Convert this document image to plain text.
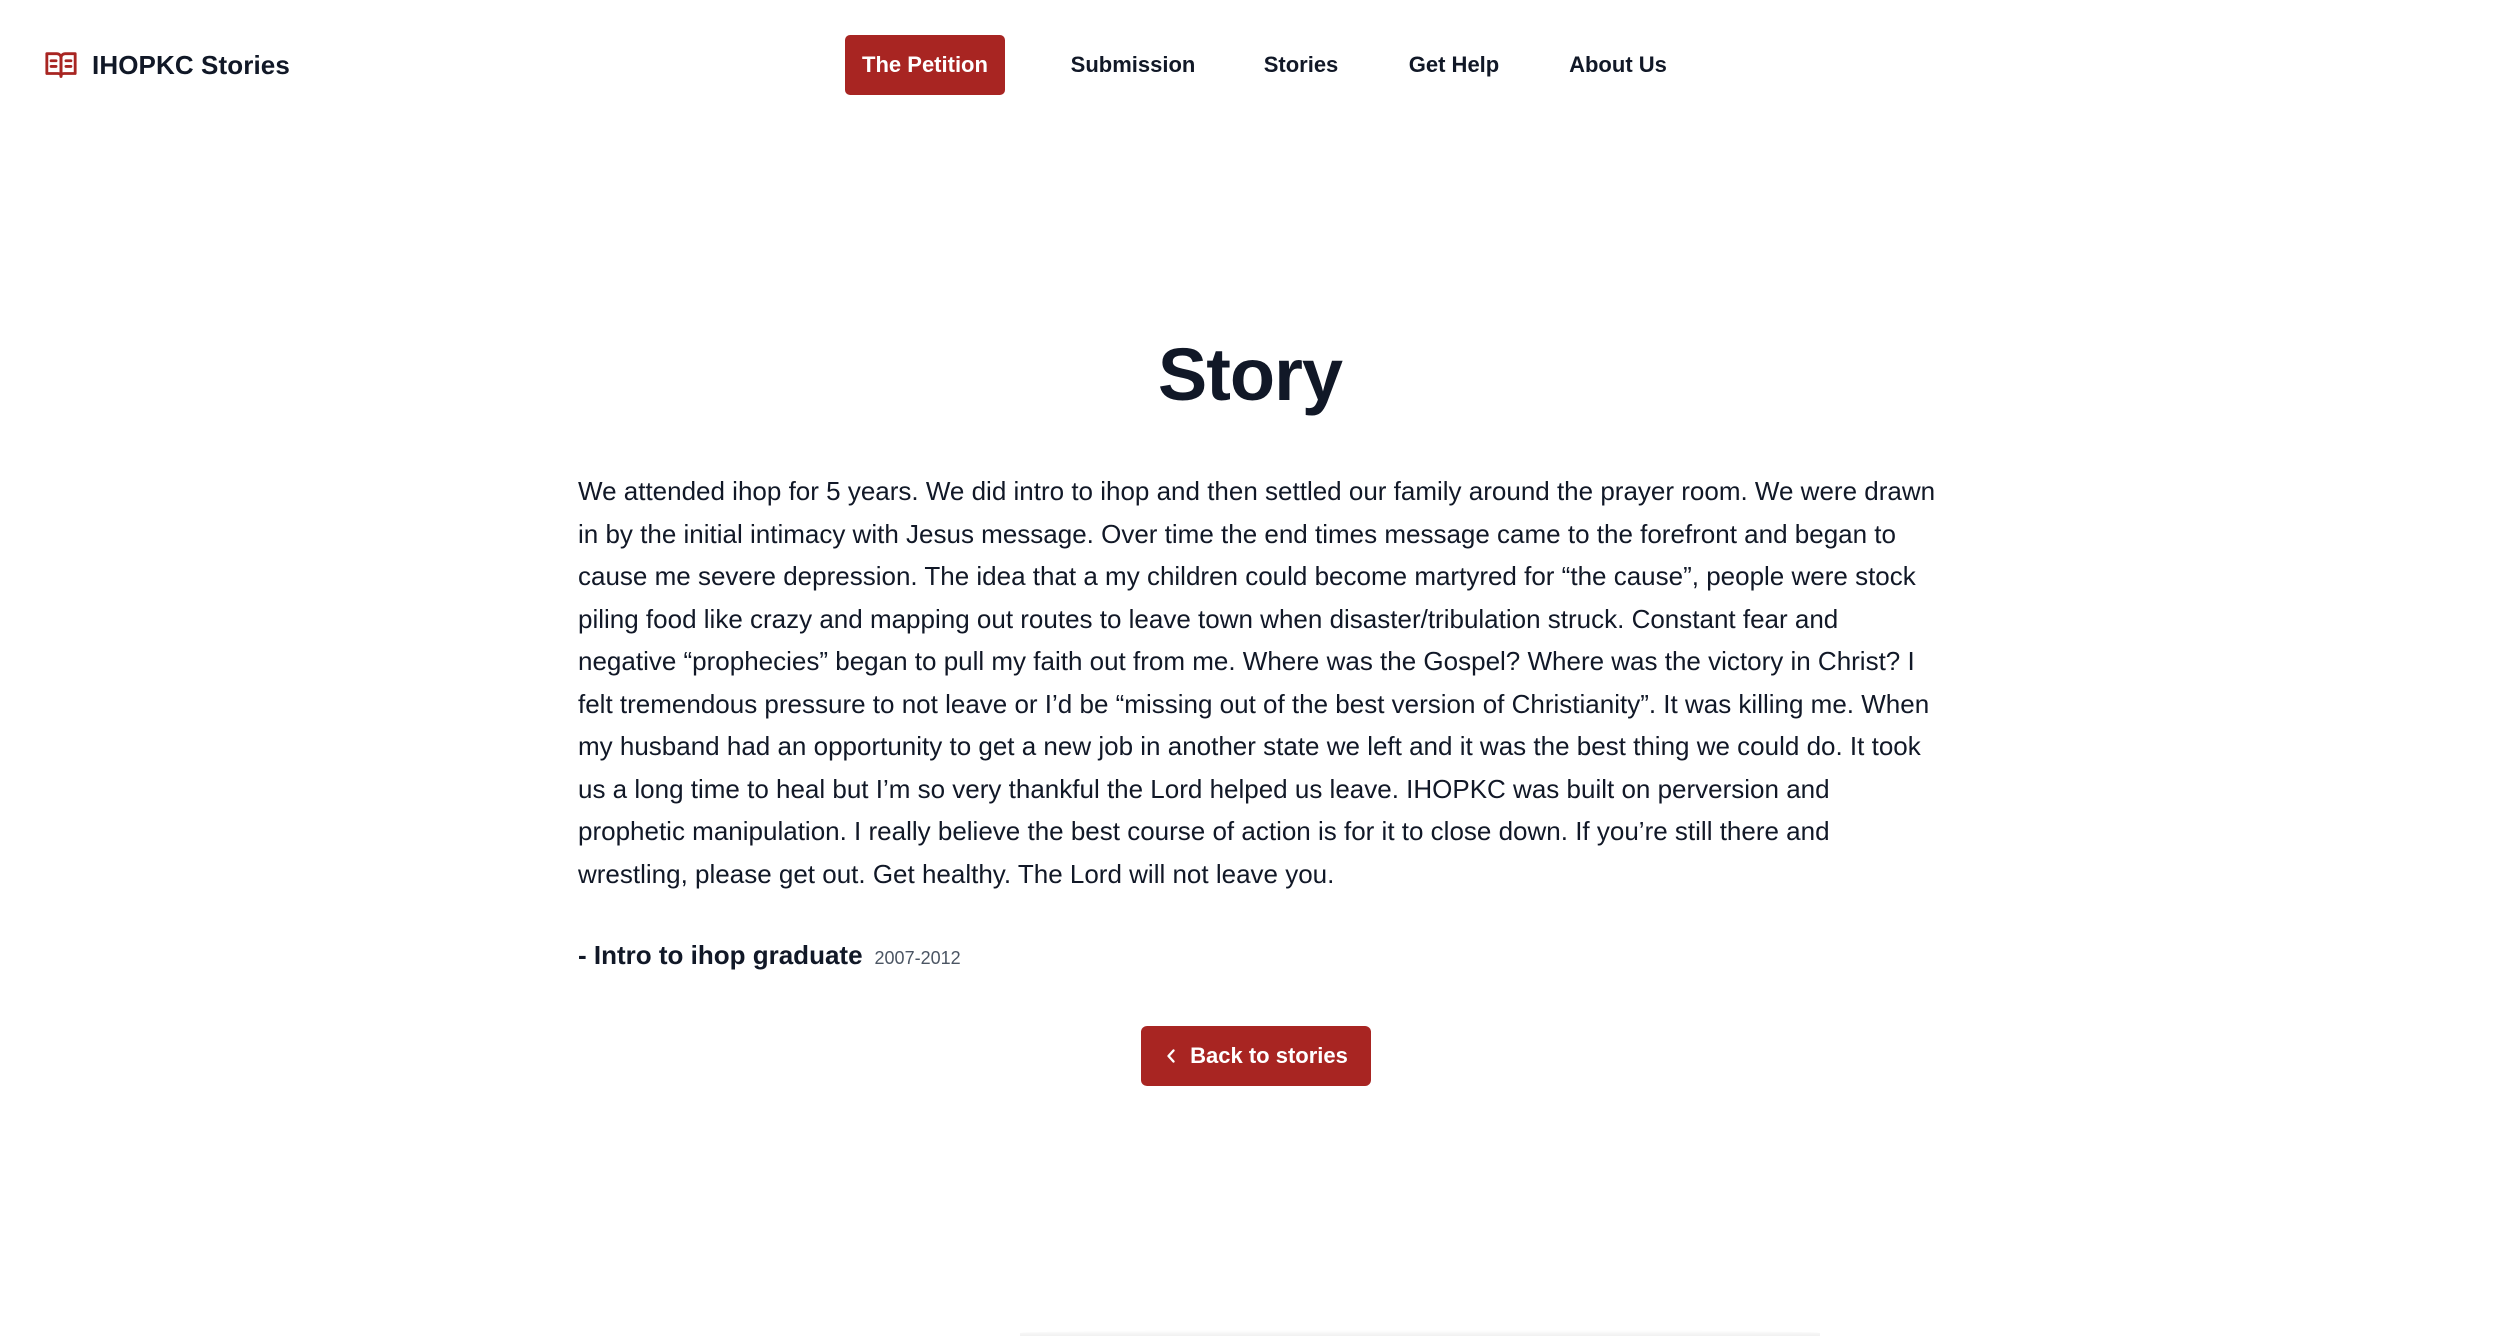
IHOPKC Stories	The Petition	Submission	Stories	Get Help	About Us
Story

We attended ihop for 5 years. We did intro to ihop and then settled our family around the prayer room. We were drawn in by the initial intimacy with Jesus message. Over time the end times message came to the forefront and began to cause me severe depression. The idea that a my children could become martyred for “the cause”, people were stock piling food like crazy and mapping out routes to leave town when disaster/tribulation struck. Constant fear and negative “prophecies” began to pull my faith out from me. Where was the Gospel? Where was the victory in Christ? I felt tremendous pressure to not leave or I’d be “missing out of the best version of Christianity”. It was killing me. When my husband had an opportunity to get a new job in another state we left and it was the best thing we could do. It took us a long time to heal but I’m so very thankful the Lord helped us leave. IHOPKC was built on perversion and prophetic manipulation. I really believe the best course of action is for it to close down. If you’re still there and wrestling, please get out. Get healthy. The Lord will not leave you.

- Intro to ihop graduate 2007-2012
Back to stories
